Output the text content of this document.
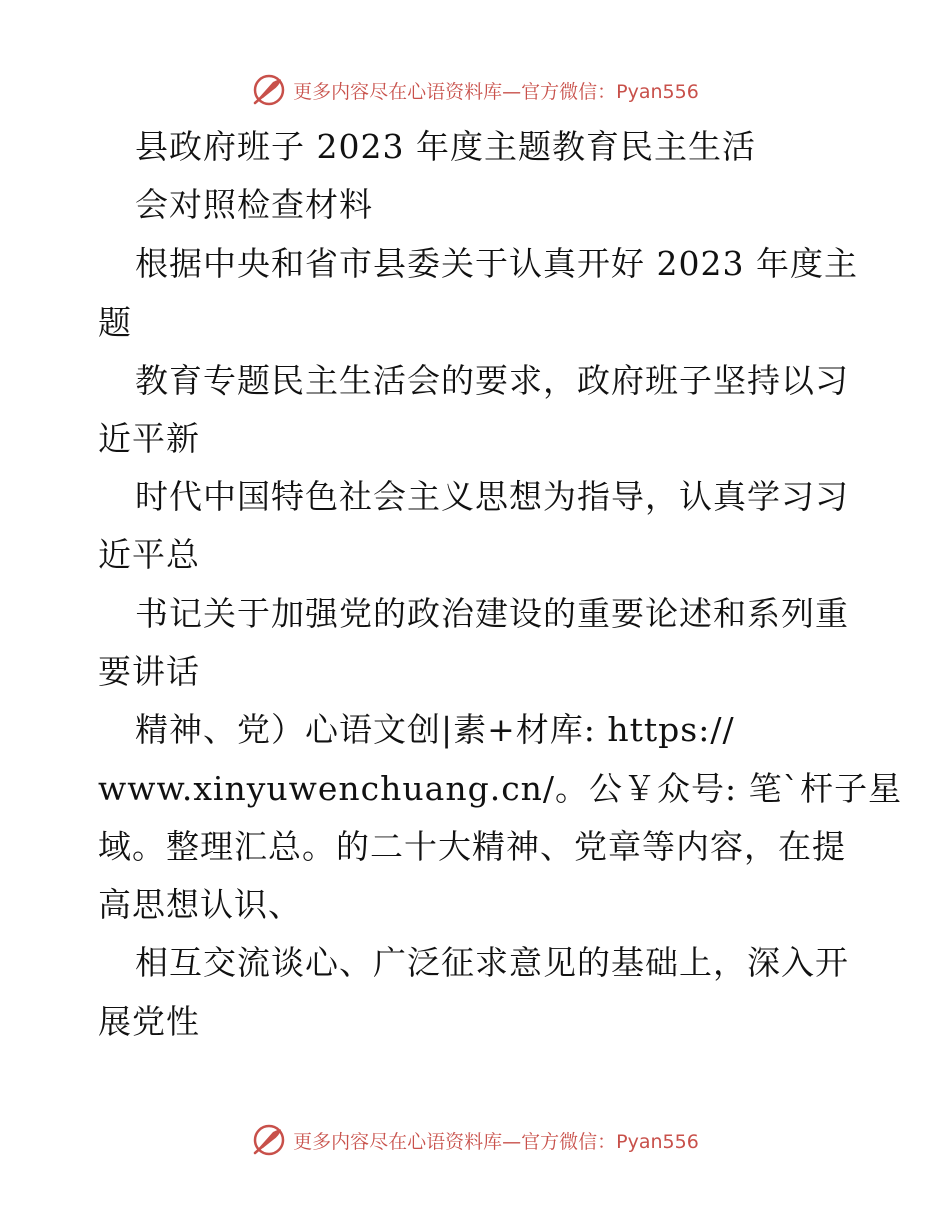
更多内容尽在心语资料库—官方微信：Pyan556
县政府班子 2023 年度主题教育民主生活
会对照检查材料
根据中央和省市县委关于认真开好 2023 年度主
题
教育专题民主生活会的要求，政府班子坚持以习
近平新
时代中国特色社会主义思想为指导，认真学习习
近平总
书记关于加强党的政治建设的重要论述和系列重
要讲话
精神、党）心语文创|素+材库: https://
www.xinyuwenchuang.cn/。公￥众号: 笔`杆子星
域。整理汇总。的二十大精神、党章等内容，在提
高思想认识、
相互交流谈心、广泛征求意见的基础上，深入开
展党性
更多内容尽在心语资料库—官方微信：Pyan556
